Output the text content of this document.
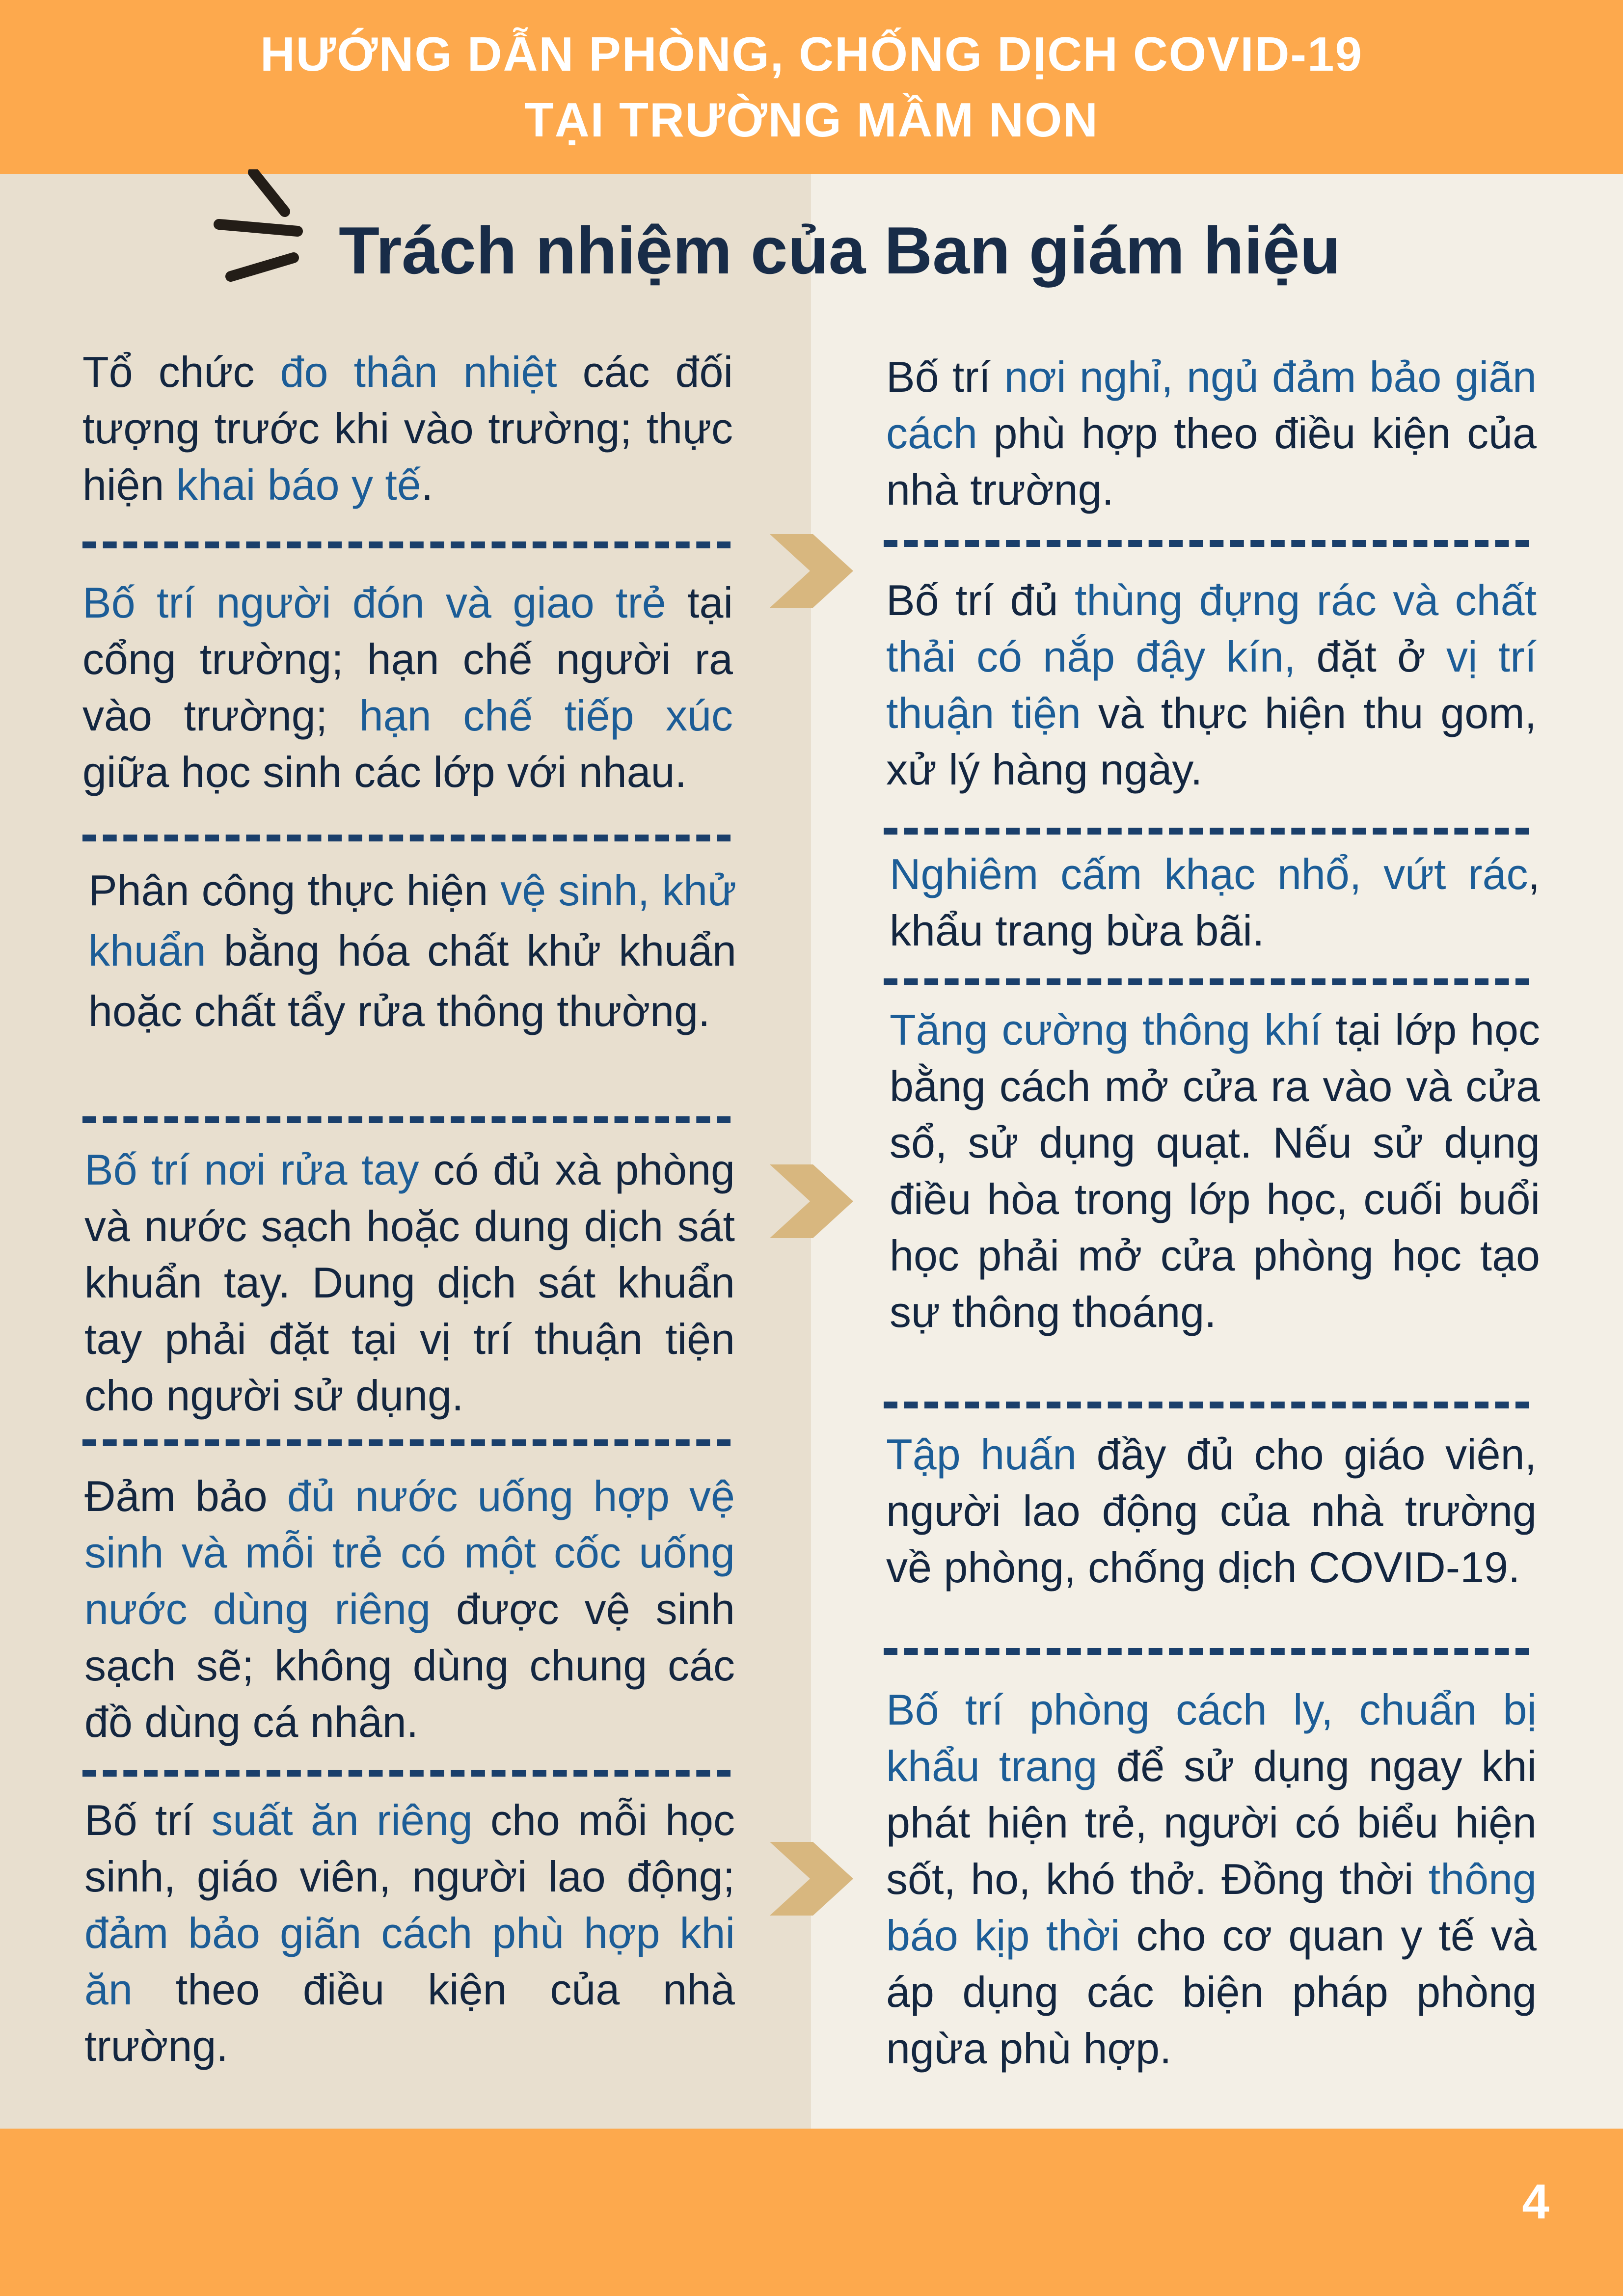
HƯỚNG DẪN PHÒNG, CHỐNG DỊCH COVID-19
TẠI TRƯỜNG MẦM NON
Trách nhiệm của Ban giám hiệu

Tổ chức đo thân nhiệt các đối tượng trước khi vào trường; thực hiện khai báo y tế.

Bố trí người đón và giao trẻ tại cổng trường; hạn chế người ra vào trường; hạn chế tiếp xúc giữa học sinh các lớp với nhau.

Phân công thực hiện vệ sinh, khử khuẩn bằng hóa chất khử khuẩn hoặc chất tẩy rửa thông thường.

Bố trí nơi rửa tay có đủ xà phòng và nước sạch hoặc dung dịch sát khuẩn tay. Dung dịch sát khuẩn tay phải đặt tại vị trí thuận tiện cho người sử dụng.

Đảm bảo đủ nước uống hợp vệ sinh và mỗi trẻ có một cốc uống nước dùng riêng được vệ sinh sạch sẽ; không dùng chung các đồ dùng cá nhân.

Bố trí suất ăn riêng cho mỗi học sinh, giáo viên, người lao động; đảm bảo giãn cách phù hợp khi ăn theo điều kiện của nhà trường.

Bố trí nơi nghỉ, ngủ đảm bảo giãn cách phù hợp theo điều kiện của nhà trường.

Bố trí đủ thùng đựng rác và chất thải có nắp đậy kín, đặt ở vị trí thuận tiện và thực hiện thu gom, xử lý hàng ngày.

Nghiêm cấm khạc nhổ, vứt rác, khẩu trang bừa bãi.

Tăng cường thông khí tại lớp học bằng cách mở cửa ra vào và cửa sổ, sử dụng quạt. Nếu sử dụng điều hòa trong lớp học, cuối buổi học phải mở cửa phòng học tạo sự thông thoáng.

Tập huấn đầy đủ cho giáo viên, người lao động của nhà trường về phòng, chống dịch COVID-19.

Bố trí phòng cách ly, chuẩn bị khẩu trang để sử dụng ngay khi phát hiện trẻ, người có biểu hiện sốt, ho, khó thở. Đồng thời thông báo kịp thời cho cơ quan y tế và áp dụng các biện pháp phòng ngừa phù hợp.

4
